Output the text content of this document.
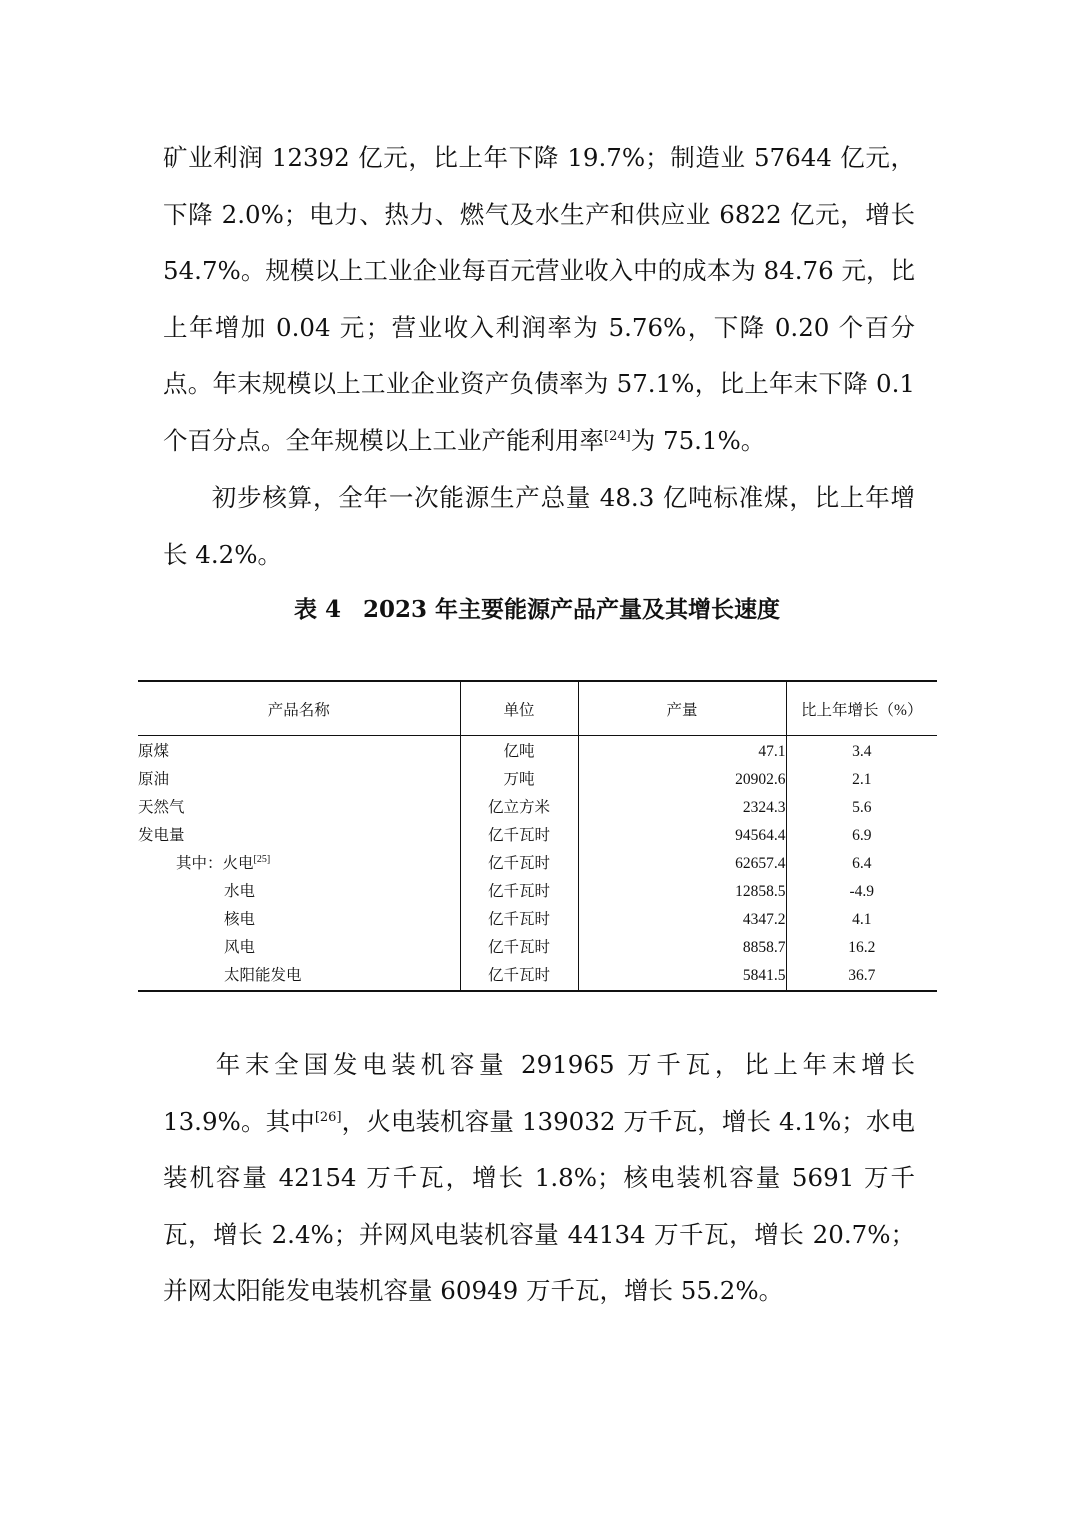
矿业利润 12392 亿元，比上年下降 19.7%；制造业 57644 亿元，下降 2.0%；电力、热力、燃气及水生产和供应业 6822 亿元，增长 54.7%。规模以上工业企业每百元营业收入中的成本为 84.76 元，比上年增加 0.04 元；营业收入利润率为 5.76%，下降 0.20 个百分点。年末规模以上工业企业资产负债率为 57.1%，比上年末下降 0.1 个百分点。全年规模以上工业产能利用率[24]为 75.1%。

初步核算，全年一次能源生产总量 48.3 亿吨标准煤，比上年增长 4.2%。

表 4 2023 年主要能源产品产量及其增长速度
产品名称	单位	产量	比上年增长（%）
原煤	亿吨	47.1	3.4
原油	万吨	20902.6	2.1
天然气	亿立方米	2324.3	5.6
发电量	亿千瓦时	94564.4	6.9
其中：火电[25]	亿千瓦时	62657.4	6.4
水电	亿千瓦时	12858.5	-4.9
核电	亿千瓦时	4347.2	4.1
风电	亿千瓦时	8858.7	16.2
太阳能发电	亿千瓦时	5841.5	36.7

年末全国发电装机容量 291965 万千瓦，比上年末增长 13.9%。其中[26]，火电装机容量 139032 万千瓦，增长 4.1%；水电装机容量 42154 万千瓦，增长 1.8%；核电装机容量 5691 万千瓦，增长 2.4%；并网风电装机容量 44134 万千瓦，增长 20.7%；并网太阳能发电装机容量 60949 万千瓦，增长 55.2%。
